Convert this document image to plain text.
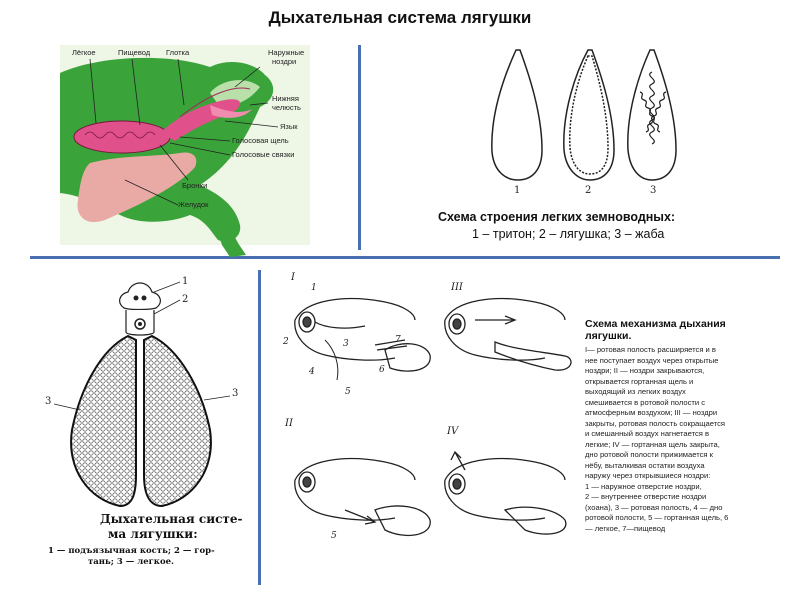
Дыхательная система лягушки
Лёгкое	Пищевод Глотка	Наружные
ноздри
Нижняя
челюсть
Язык
Голосовая щель
Голосовые связки
Бронхи
Желудок
1	2	3
Схема строения легких земноводных:
1 – тритон; 2 – лягушка; 3 – жаба
1
2
3
3
Дыхательная систе-
ма лягушки:
1 — подъязычная кость; 2 — гор-
тань; 3 — легкое.
I
II
III
IV
1
2	3
4
5
6
7
5
Схема механизма дыхания
лягушки.
I— ротовая полость расширяется и в
нее поступает воздух через открытые
ноздри; II — ноздри закрываются,
открывается гортанная щель и
выходящий из легких воздух
смешивается в ротовой полости с
атмосферным воздухом; III — ноздри
закрыты, ротовая полость сокращается
и смешанный воздух нагнетается в
легкие; IV — гортанная щель закрыта,
дно ротовой полости прижимается к
нёбу, выталкивая остатки воздуха
наружу через открывшиеся ноздри:
1 — наружное отверстие ноздри,
2 — внутреннее отверстие ноздри
(хоана), 3 — ротовая полость, 4 — дно
ротовой полости, 5 — гортанная щель, 6
— легкое, 7—пищевод
